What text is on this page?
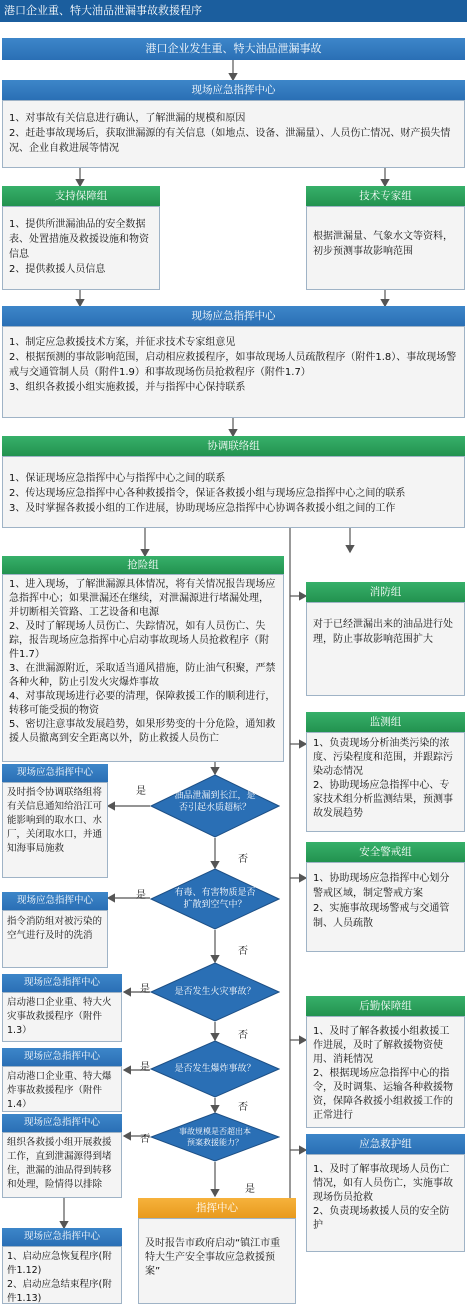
港口企业重、特大油品泄漏事故救援程序
港口企业发生重、特大油品泄漏事故
现场应急指挥中心

1、对事故有关信息进行确认，了解泄漏的规模和原因

2、赶赴事故现场后，获取泄漏源的有关信息（如地点、设备、泄漏量）、人员伤亡情况、财产损失情况、企业自救进展等情况

支持保障组

1、提供所泄漏油品的安全数据表、处置措施及救援设施和物资信息

2、提供救援人员信息

技术专家组

根据泄漏量、气象水文等资料，初步预测事故影响范围

现场应急指挥中心

1、制定应急救援技术方案，并征求技术专家组意见

2、根据预测的事故影响范围，启动相应救援程序，如事故现场人员疏散程序（附件1.8）、事故现场警戒与交通管制人员（附件1.9）和事故现场伤员抢救程序（附件1.7）

3、组织各救援小组实施救援，并与指挥中心保持联系

协调联络组

1、保证现场应急指挥中心与指挥中心之间的联系

2、传达现场应急指挥中心各种救援指令，保证各救援小组与现场应急指挥中心之间的联系

3、及时掌握各救援小组的工作进展，协助现场应急指挥中心协调各救援小组之间的工作

抢险组

1、进入现场，了解泄漏源具体情况，将有关情况报告现场应急指挥中心；如果泄漏还在继续，对泄漏源进行堵漏处理，并切断相关管路、工艺设备和电源

2、及时了解现场人员伤亡、失踪情况，如有人员伤亡、失踪，报告现场应急指挥中心启动事故现场人员抢救程序（附件1.7）

3、在泄漏源附近，采取适当通风措施，防止油气积聚，严禁各种火种，防止引发火灾爆炸事故

4、对事故现场进行必要的清理，保障救援工作的顺利进行，转移可能受损的物资

5、密切注意事故发展趋势，如果形势变的十分危险，通知救援人员撤离到安全距离以外，防止救援人员伤亡

消防组

对于已经泄漏出来的油品进行处理，防止事故影响范围扩大

监测组

1、负责现场分析油类污染的浓度、污染程度和范围，并跟踪污染动态情况

2、协助现场应急指挥中心、专家技术组分析监测结果，预测事故发展趋势

安全警戒组

1、协助现场应急指挥中心划分警戒区域，制定警戒方案

2、实施事故现场警戒与交通管制、人员疏散

后勤保障组

1、及时了解各救援小组救援工作进展，及时了解救援物资使用、消耗情况

2、根据现场应急指挥中心的指令，及时调集、运输各种救援物资，保障各救援小组救援工作的正常进行

应急救护组

1、及时了解事故现场人员伤亡情况，如有人员伤亡，实施事故现场伤员抢救

2、负责现场救援人员的安全防护

油品泄漏到长江，是否引起水质超标？
有毒、有害物质是否扩散到空气中？
是否发生火灾事故？
是否发生爆炸事故？
事故规模是否超出本预案救援能力？
是
否
是
否
是
否
是
否
否
是
现场应急指挥中心

及时指令协调联络组将有关信息通知给沿江可能影响到的取水口、水厂，关闭取水口，并通知海事局施救

现场应急指挥中心

指令消防组对被污染的空气进行及时的洗消

现场应急指挥中心

启动港口企业重、特大火灾事故救援程序（附件1.3）

现场应急指挥中心

启动港口企业重、特大爆炸事故救援程序（附件1.4）

现场应急指挥中心

组织各救援小组开展救援工作，直到泄漏源得到堵住，泄漏的油品得到转移和处理，险情得以排除

现场应急指挥中心

1、启动应急恢复程序(附件1.12)

2、启动应急结束程序(附件1.13)

指挥中心

及时报告市政府启动“镇江市重特大生产安全事故应急救援预案”
